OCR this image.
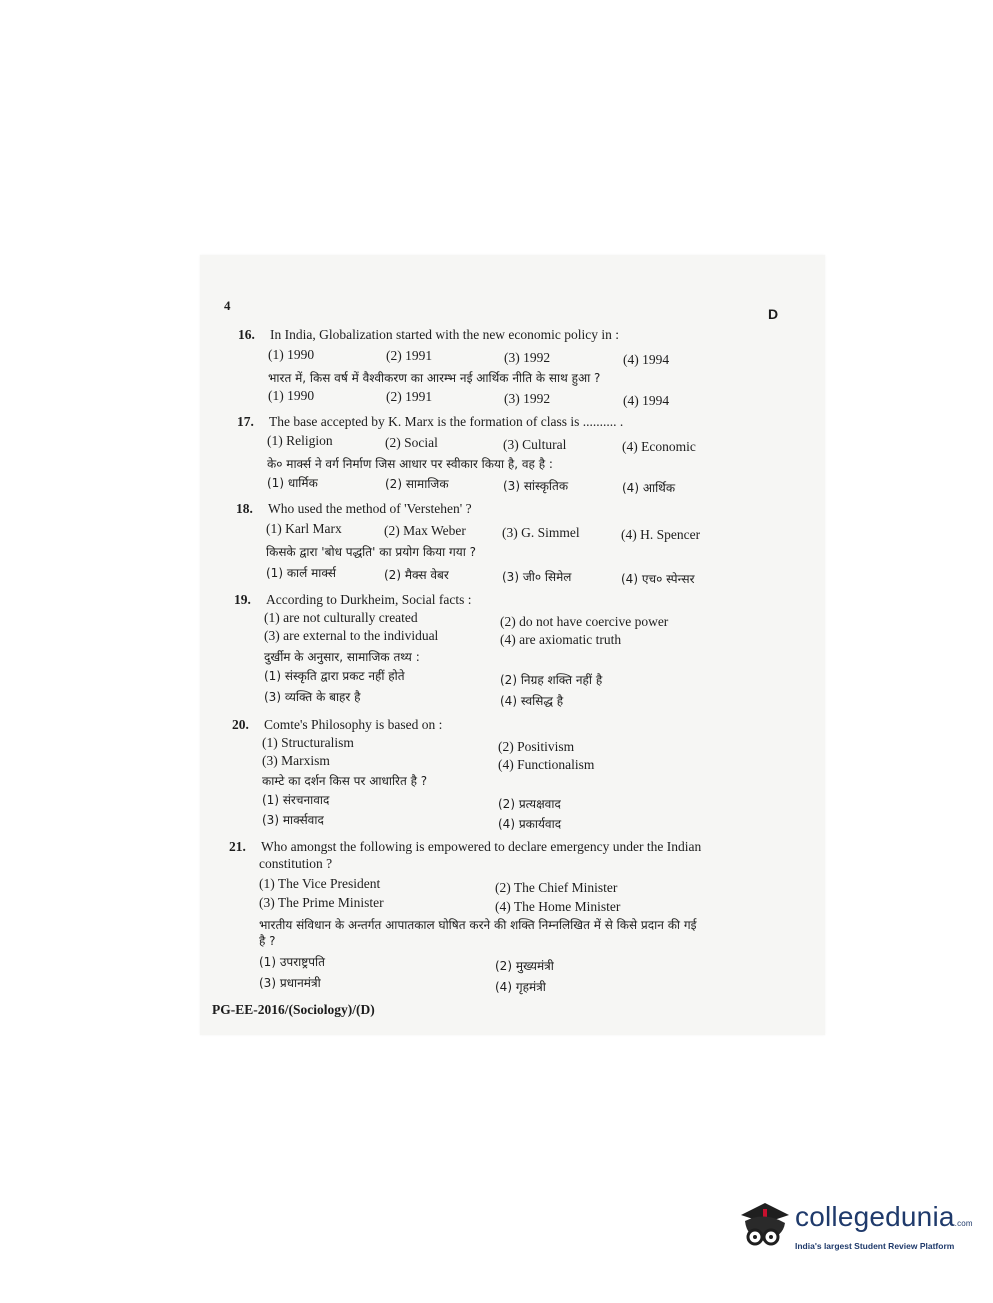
4
D
16. In India, Globalization started with the new economic policy in :
(1) 1990	(2) 1991	(3) 1992	(4) 1994
भारत में, किस वर्ष में वैश्वीकरण का आरम्भ नई आर्थिक नीति के साथ हुआ ?
(1) 1990	(2) 1991	(3) 1992	(4) 1994
17. The base accepted by K. Marx is the formation of class is .......... .
(1) Religion	(2) Social	(3) Cultural	(4) Economic
के० मार्क्स ने वर्ग निर्माण जिस आधार पर स्वीकार किया है, वह है :
(1) धार्मिक	(2) सामाजिक	(3) सांस्कृतिक	(4) आर्थिक
18. Who used the method of 'Verstehen' ?
(1) Karl Marx	(2) Max Weber	(3) G. Simmel	(4) H. Spencer
किसके द्वारा 'बोध पद्धति' का प्रयोग किया गया ?
(1) कार्ल मार्क्स	(2) मैक्स वेबर	(3) जी० सिमेल	(4) एच० स्पेन्सर
19. According to Durkheim, Social facts :
(1) are not culturally created	(2) do not have coercive power
(3) are external to the individual	(4) are axiomatic truth
दुर्खीम के अनुसार, सामाजिक तथ्य :
(1) संस्कृति द्वारा प्रकट नहीं होते	(2) निग्रह शक्ति नहीं है
(3) व्यक्ति के बाहर है	(4) स्वसिद्ध है
20. Comte's Philosophy is based on :
(1) Structuralism	(2) Positivism
(3) Marxism	(4) Functionalism
काम्टे का दर्शन किस पर आधारित है ?
(1) संरचनावाद	(2) प्रत्यक्षवाद
(3) मार्क्सवाद	(4) प्रकार्यवाद
21. Who amongst the following is empowered to declare emergency under the Indian
constitution ?
(1) The Vice President	(2) The Chief Minister
(3) The Prime Minister	(4) The Home Minister
भारतीय संविधान के अन्तर्गत आपातकाल घोषित करने की शक्ति निम्नलिखित में से किसे प्रदान की गई
है ?
(1) उपराष्ट्रपति	(2) मुख्यमंत्री
(3) प्रधानमंत्री	(4) गृहमंत्री
PG-EE-2016/(Sociology)/(D)
collegedunia.com
India's largest Student Review Platform
